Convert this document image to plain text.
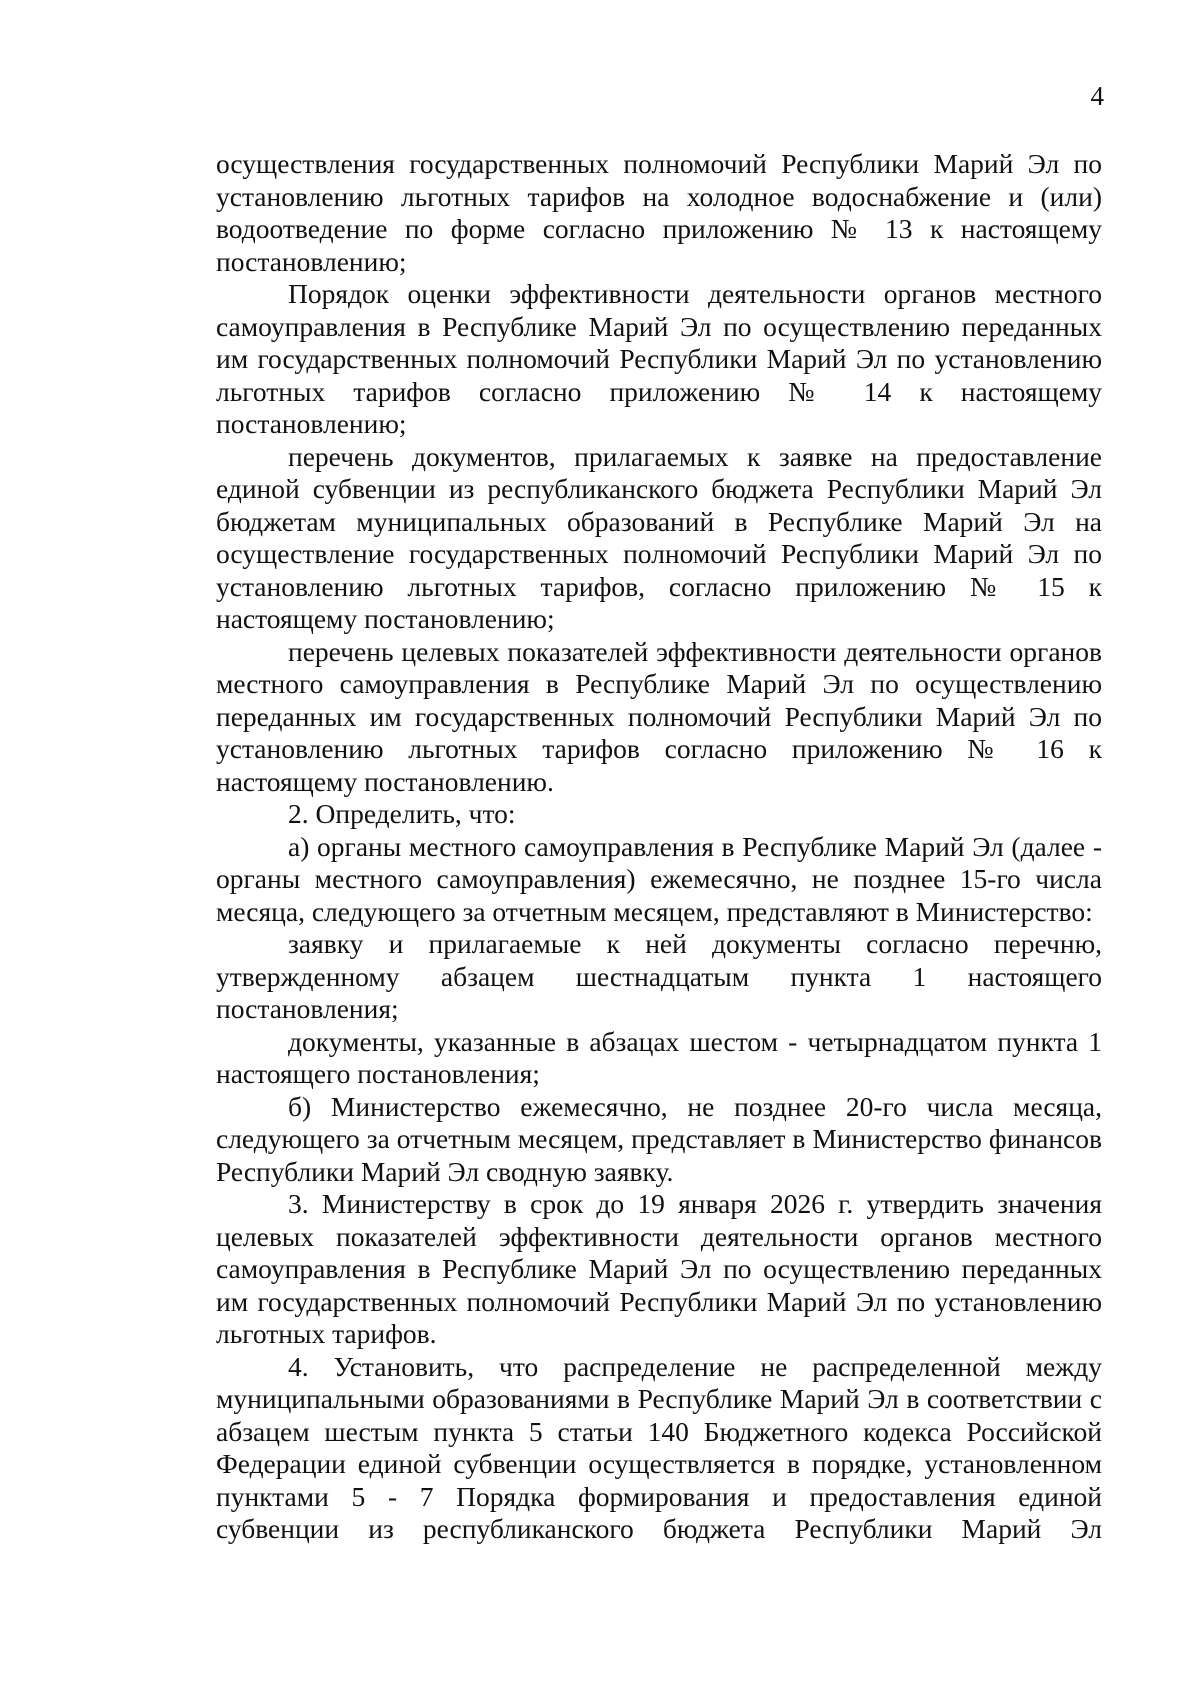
4

осуществления государственных полномочий Республики Марий Эл по установлению льготных тарифов на холодное водоснабжение и (или) водоотведение по форме согласно приложению № 13 к настоящему постановлению;

Порядок оценки эффективности деятельности органов местного самоуправления в Республике Марий Эл по осуществлению переданных им государственных полномочий Республики Марий Эл по установлению льготных тарифов согласно приложению № 14 к настоящему постановлению;

перечень документов, прилагаемых к заявке на предоставление единой субвенции из республиканского бюджета Республики Марий Эл бюджетам муниципальных образований в Республике Марий Эл на осуществление государственных полномочий Республики Марий Эл по установлению льготных тарифов, согласно приложению № 15 к настоящему постановлению;

перечень целевых показателей эффективности деятельности органов местного самоуправления в Республике Марий Эл по осуществлению переданных им государственных полномочий Республики Марий Эл по установлению льготных тарифов согласно приложению № 16 к настоящему постановлению.

2. Определить, что:

а) органы местного самоуправления в Республике Марий Эл (далее - органы местного самоуправления) ежемесячно, не позднее 15-го числа месяца, следующего за отчетным месяцем, представляют в Министерство:

заявку и прилагаемые к ней документы согласно перечню, утвержденному абзацем шестнадцатым пункта 1 настоящего постановления;

документы, указанные в абзацах шестом - четырнадцатом пункта 1 настоящего постановления;

б) Министерство ежемесячно, не позднее 20-го числа месяца, следующего за отчетным месяцем, представляет в Министерство финансов Республики Марий Эл сводную заявку.

3. Министерству в срок до 19 января 2026 г. утвердить значения целевых показателей эффективности деятельности органов местного самоуправления в Республике Марий Эл по осуществлению переданных им государственных полномочий Республики Марий Эл по установлению льготных тарифов.

4. Установить, что распределение не распределенной между муниципальными образованиями в Республике Марий Эл в соответствии с абзацем шестым пункта 5 статьи 140 Бюджетного кодекса Российской Федерации единой субвенции осуществляется в порядке, установленном пунктами 5 - 7 Порядка формирования и предоставления единой субвенции из республиканского бюджета Республики Марий Эл
